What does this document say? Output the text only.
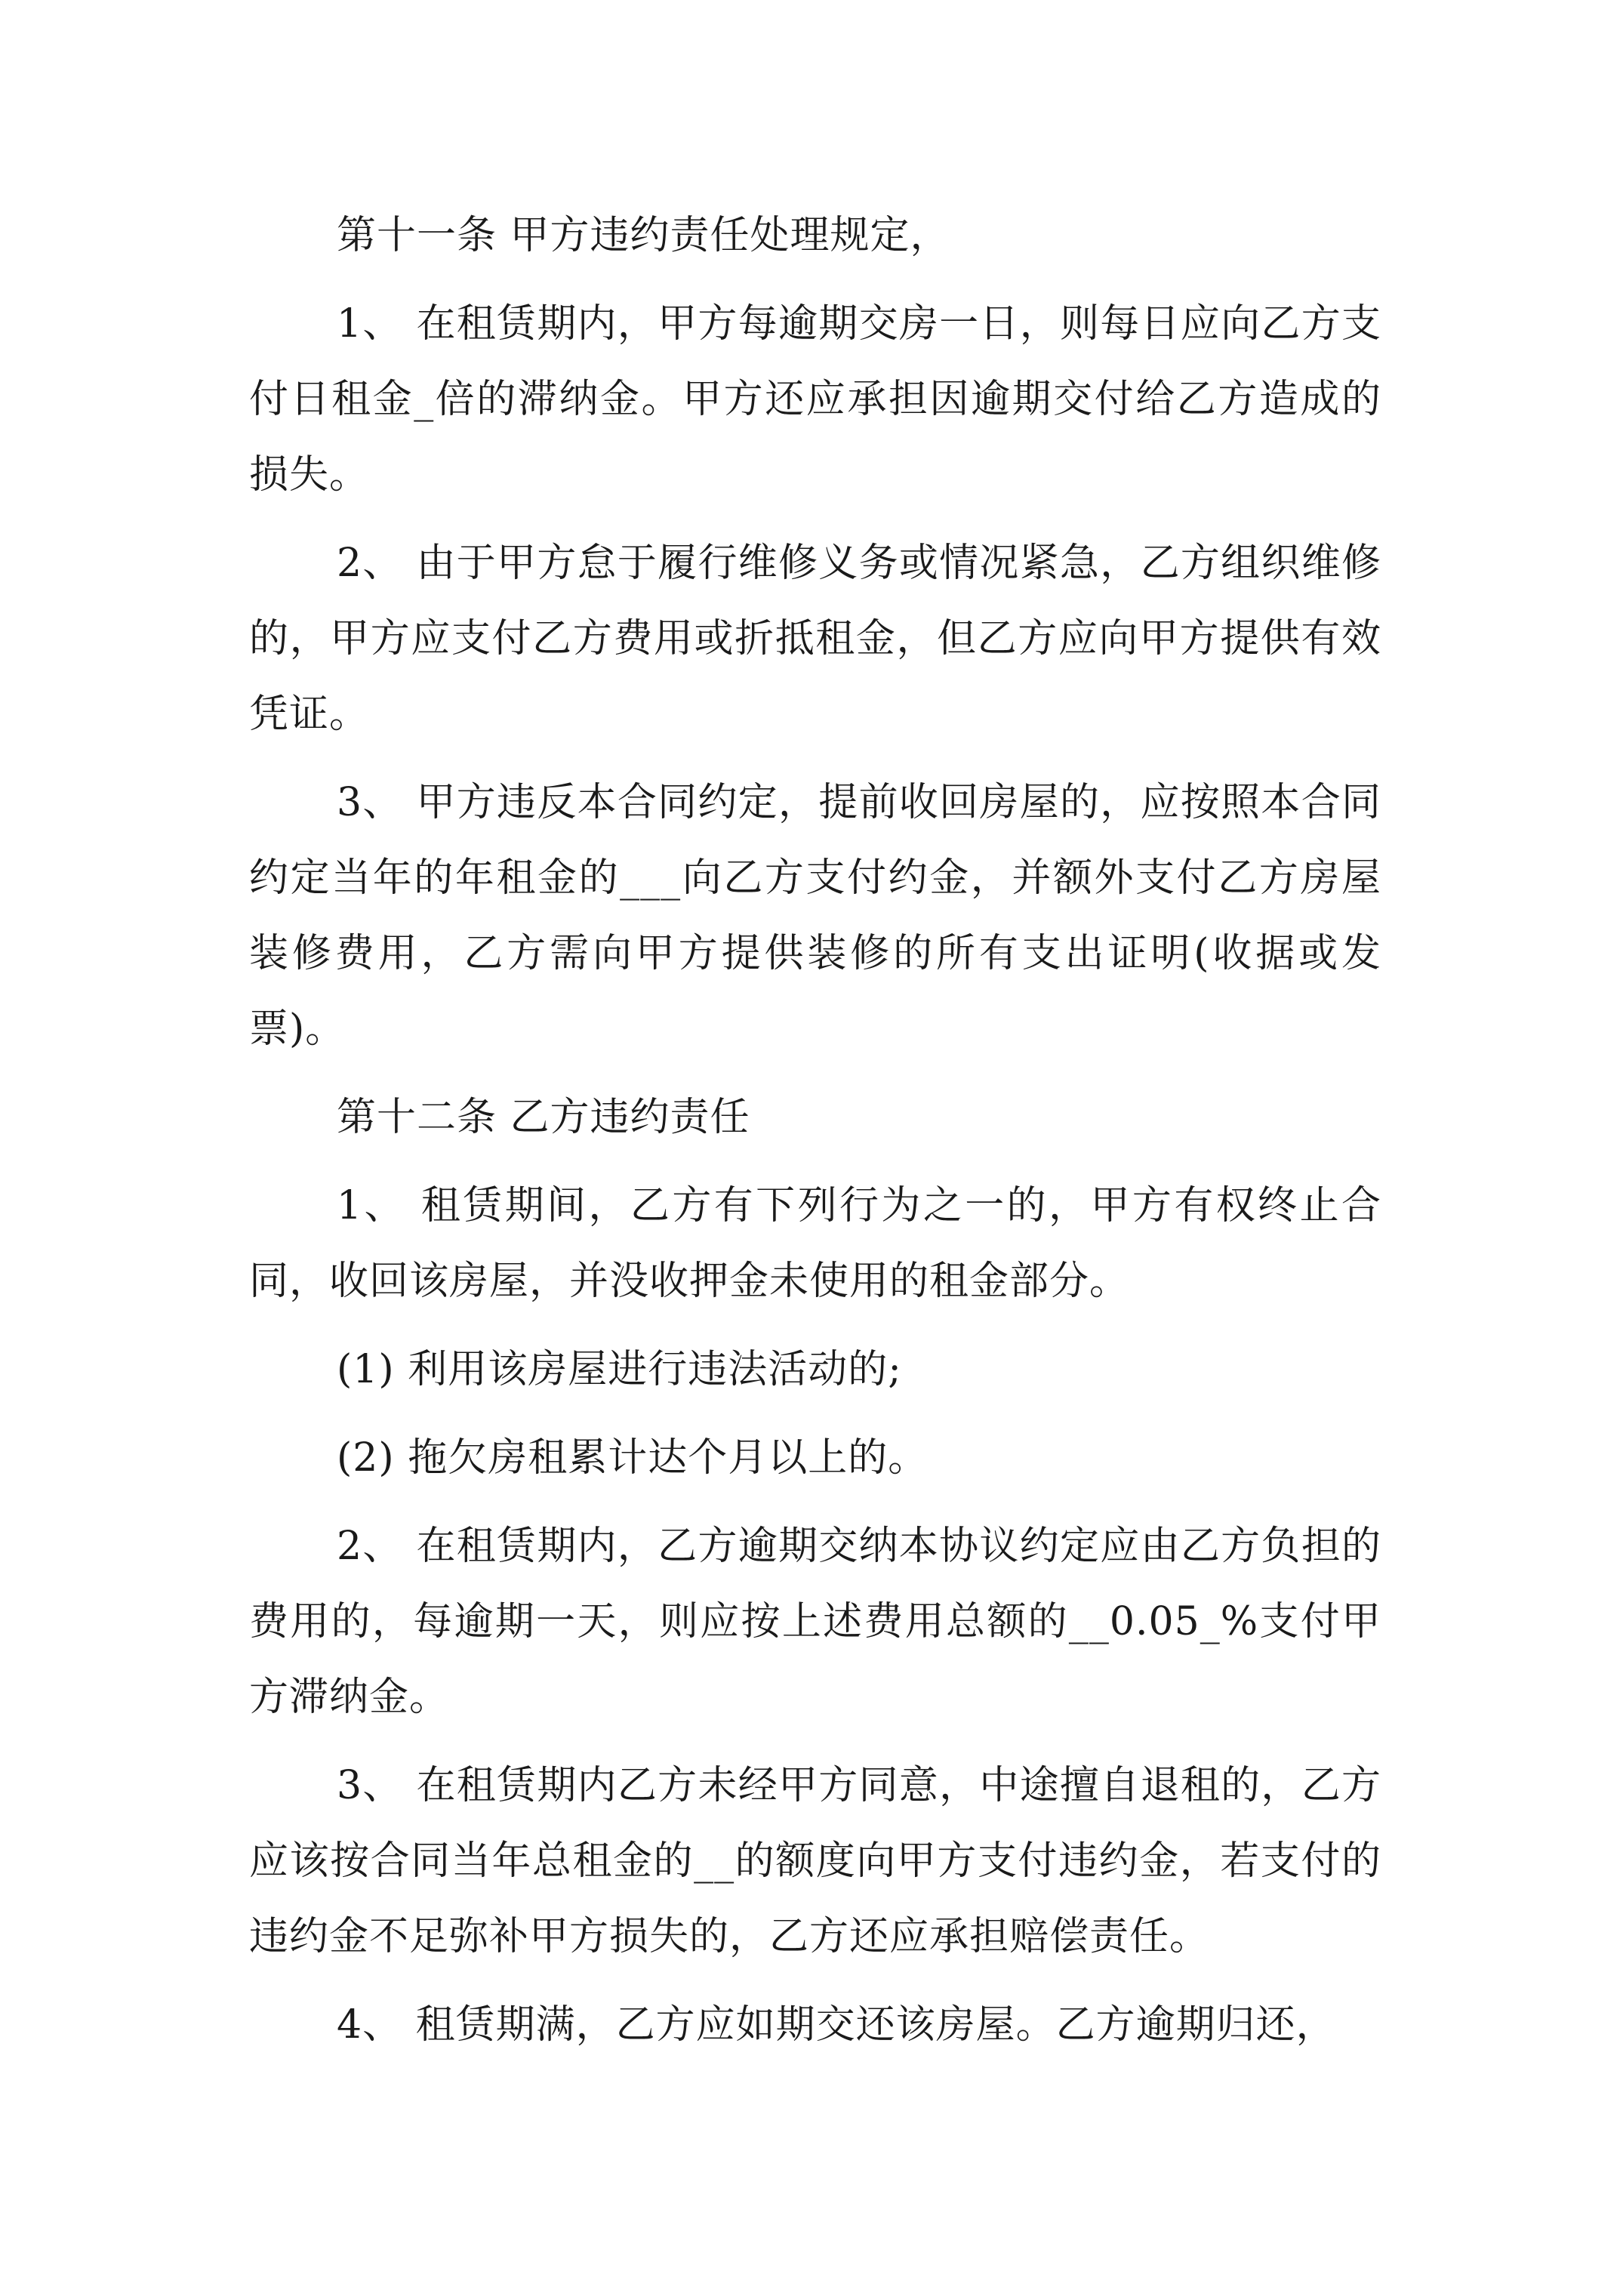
第十一条 甲方违约责任处理规定，

1、 在租赁期内，甲方每逾期交房一日，则每日应向乙方支付日租金_倍的滞纳金。甲方还应承担因逾期交付给乙方造成的损失。

2、 由于甲方怠于履行维修义务或情况紧急，乙方组织维修的，甲方应支付乙方费用或折抵租金，但乙方应向甲方提供有效凭证。

3、 甲方违反本合同约定，提前收回房屋的，应按照本合同约定当年的年租金的___向乙方支付约金，并额外支付乙方房屋装修费用，乙方需向甲方提供装修的所有支出证明(收据或发票)。

第十二条 乙方违约责任

1、 租赁期间，乙方有下列行为之一的，甲方有权终止合同，收回该房屋，并没收押金未使用的租金部分。

(1) 利用该房屋进行违法活动的;

(2) 拖欠房租累计达个月以上的。

2、 在租赁期内，乙方逾期交纳本协议约定应由乙方负担的费用的，每逾期一天，则应按上述费用总额的__0.05_%支付甲方滞纳金。

3、 在租赁期内乙方未经甲方同意，中途擅自退租的，乙方应该按合同当年总租金的__的额度向甲方支付违约金，若支付的违约金不足弥补甲方损失的，乙方还应承担赔偿责任。

4、 租赁期满，乙方应如期交还该房屋。乙方逾期归还，
